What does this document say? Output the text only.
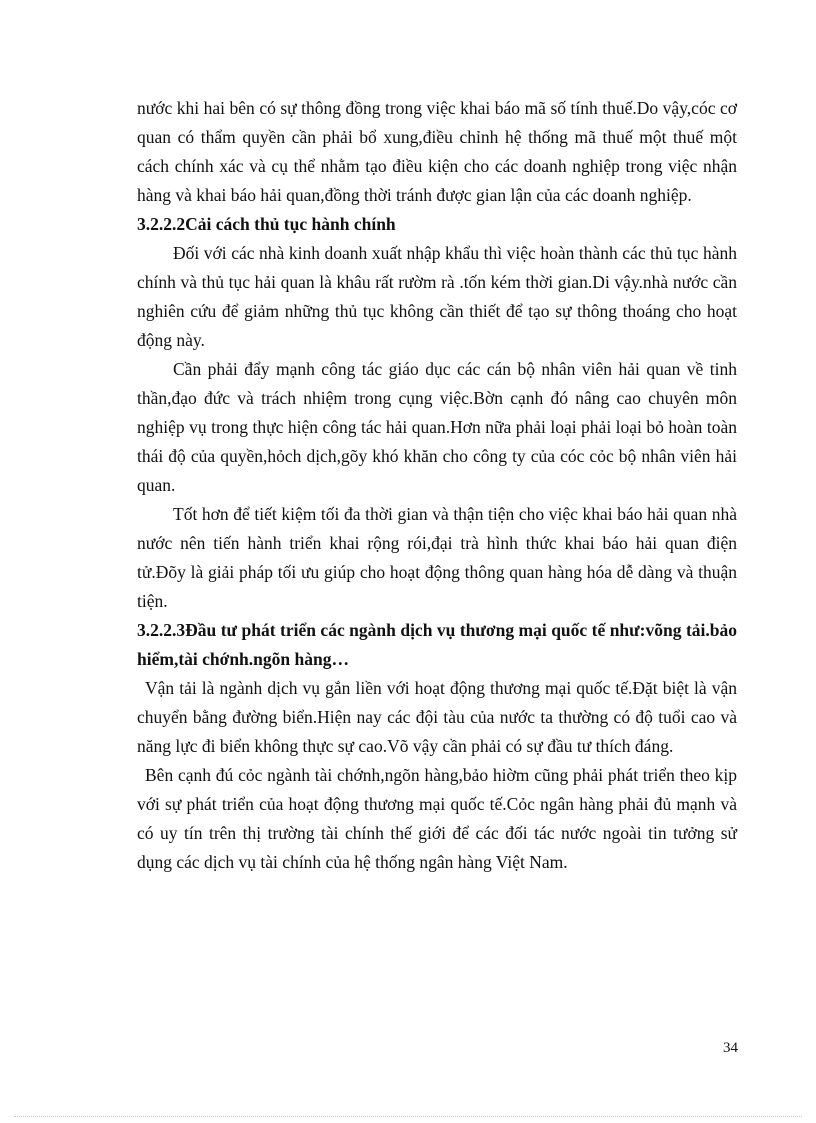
nước khi hai bên có sự thông đồng trong việc khai báo mã số tính thuế.Do vậy,cóc cơ quan có thẩm quyền cần phải bổ xung,điều chỉnh hệ thống mã thuế một thuế một cách chính xác và cụ thể nhằm tạo điều kiện cho các doanh nghiệp trong việc nhận hàng và khai báo hải quan,đồng thời tránh được gian lận của các doanh nghiệp.

3.2.2.2Cải cách thủ tục hành chính

Đối với các nhà kinh doanh xuất nhập khẩu thì việc hoàn thành các thủ tục hành chính và thủ tục hải quan là khâu rất rườm rà .tốn kém thời gian.Di vậy.nhà nước cần nghiên cứu để giảm những thủ tục không cần thiết để tạo sự thông thoáng cho hoạt động này.

Cần phải đẩy mạnh công tác giáo dục các cán bộ nhân viên hải quan về tinh thần,đạo đức và trách nhiệm trong cụng việc.Bờn cạnh đó nâng cao chuyên môn nghiệp vụ trong thực hiện công tác hải quan.Hơn nữa phải loại phải loại bỏ hoàn toàn thái độ của quyền,hỏch dịch,gõy khó khăn cho công ty của cóc cỏc bộ nhân viên hải quan.

Tốt hơn để tiết kiệm tối đa thời gian và thận tiện cho việc khai báo hải quan nhà nước nên tiến hành triển khai rộng rói,đại trà hình thức khai báo hải quan điện tử.Đõy là giải pháp tối ưu giúp cho hoạt động thông quan hàng hóa dễ dàng và thuận tiện.

3.2.2.3Đầu tư phát triển các ngành dịch vụ thương mại quốc tế như:võng tải.bảo hiểm,tài chớnh.ngõn hàng…

Vận tải là ngành dịch vụ gắn liền với hoạt động thương mại quốc tế.Đặt biệt là vận chuyển bằng đường biển.Hiện nay các đội tàu của nước ta thường có độ tuổi cao và năng lực đi biển không thực sự cao.Võ vậy cần phải có sự đầu tư thích đáng.

Bên cạnh đú cỏc ngành tài chớnh,ngõn hàng,bảo hiờm cũng phải phát triển theo kịp với sự phát triển của hoạt động thương mại quốc tế.Cỏc ngân hàng phải đủ mạnh và có uy tín trên thị trường tài chính thế giới để các đối tác nước ngoài tin tưởng sử dụng các dịch vụ tài chính của hệ thống ngân hàng Việt Nam.

34
